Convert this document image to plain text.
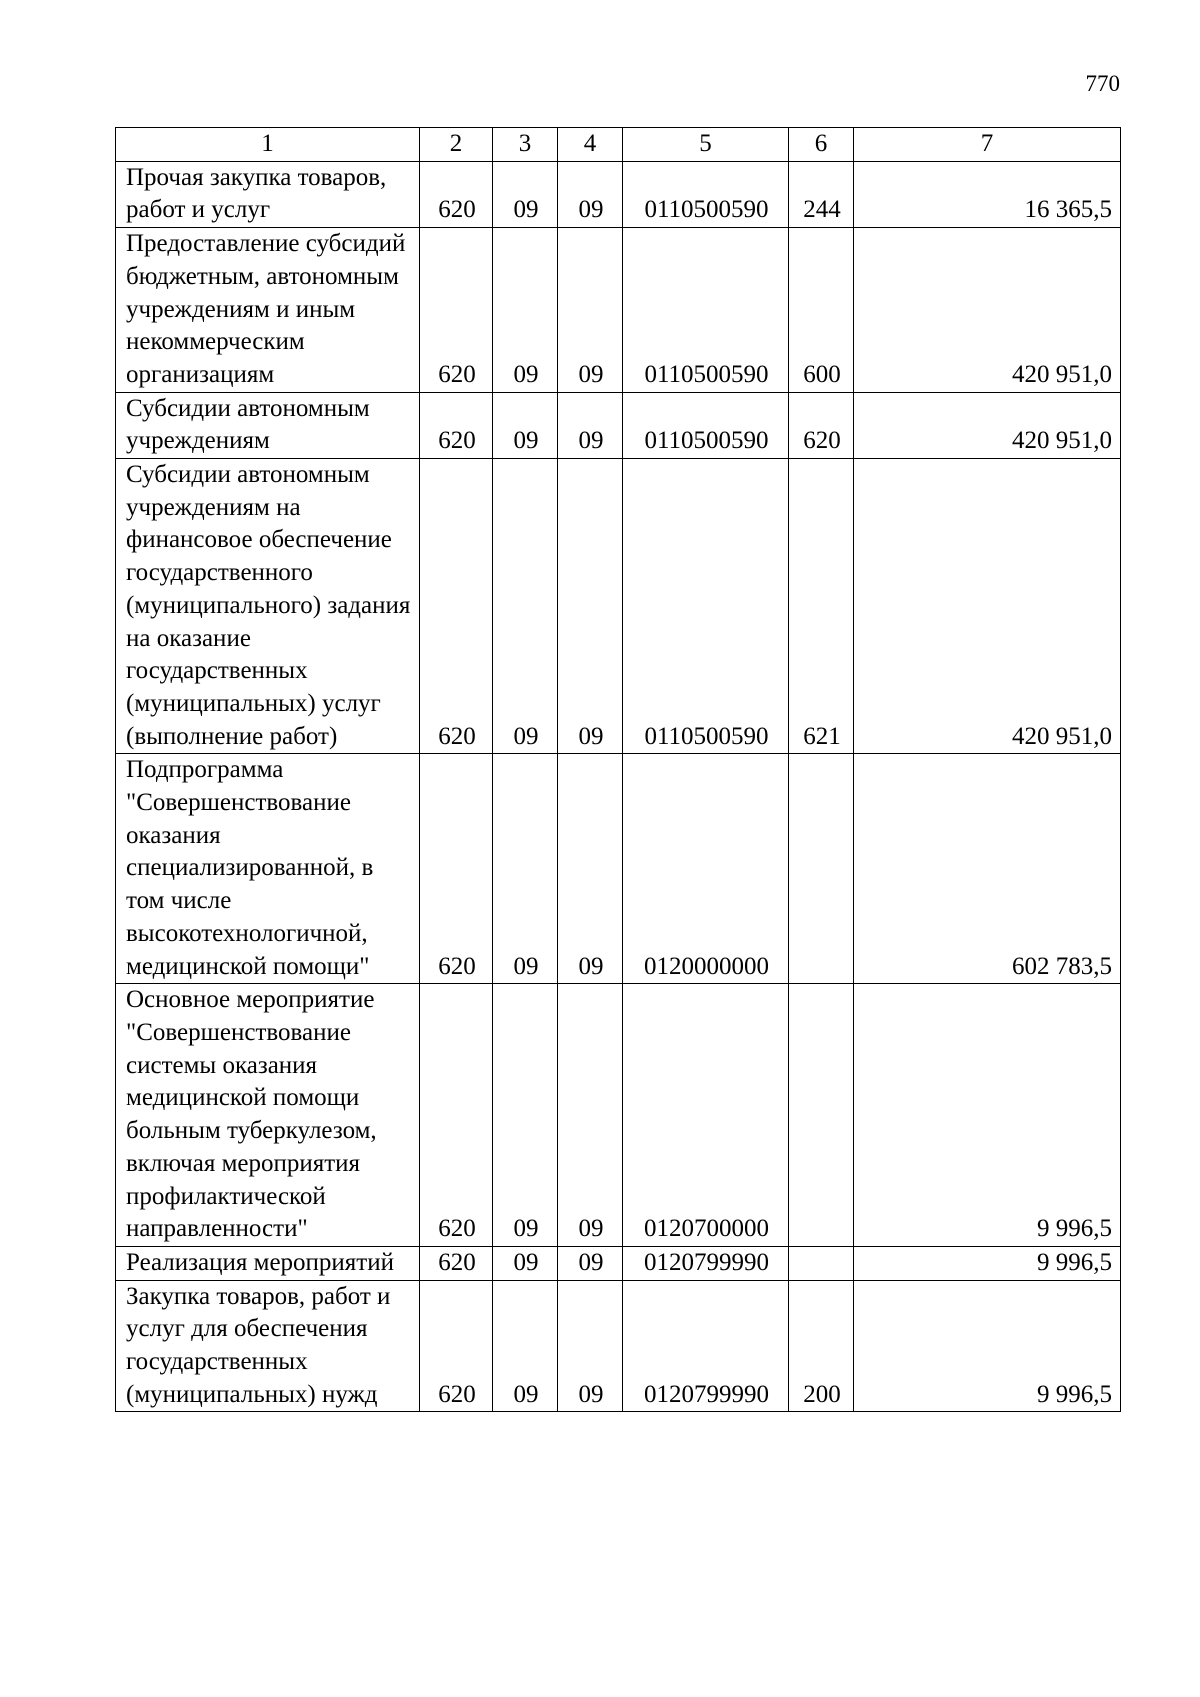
770
1	2	3	4	5	6	7
Прочая закупка товаров, работ и услуг	620	09	09	0110500590	244	16 365,5
Предоставление субсидий бюджетным, автономным учреждениям и иным некоммерческим организациям	620	09	09	0110500590	600	420 951,0
Субсидии автономным учреждениям	620	09	09	0110500590	620	420 951,0
Субсидии автономным учреждениям на финансовое обеспечение государственного (муниципального) задания на оказание государственных (муниципальных) услуг (выполнение работ)	620	09	09	0110500590	621	420 951,0
Подпрограмма "Совершенствование оказания специализированной, в том числе высокотехнологичной, медицинской помощи"	620	09	09	0120000000		602 783,5
Основное мероприятие "Совершенствование системы оказания медицинской помощи больным туберкулезом, включая мероприятия профилактической направленности"	620	09	09	0120700000		9 996,5
Реализация мероприятий	620	09	09	0120799990		9 996,5
Закупка товаров, работ и услуг для обеспечения государственных (муниципальных) нужд	620	09	09	0120799990	200	9 996,5
